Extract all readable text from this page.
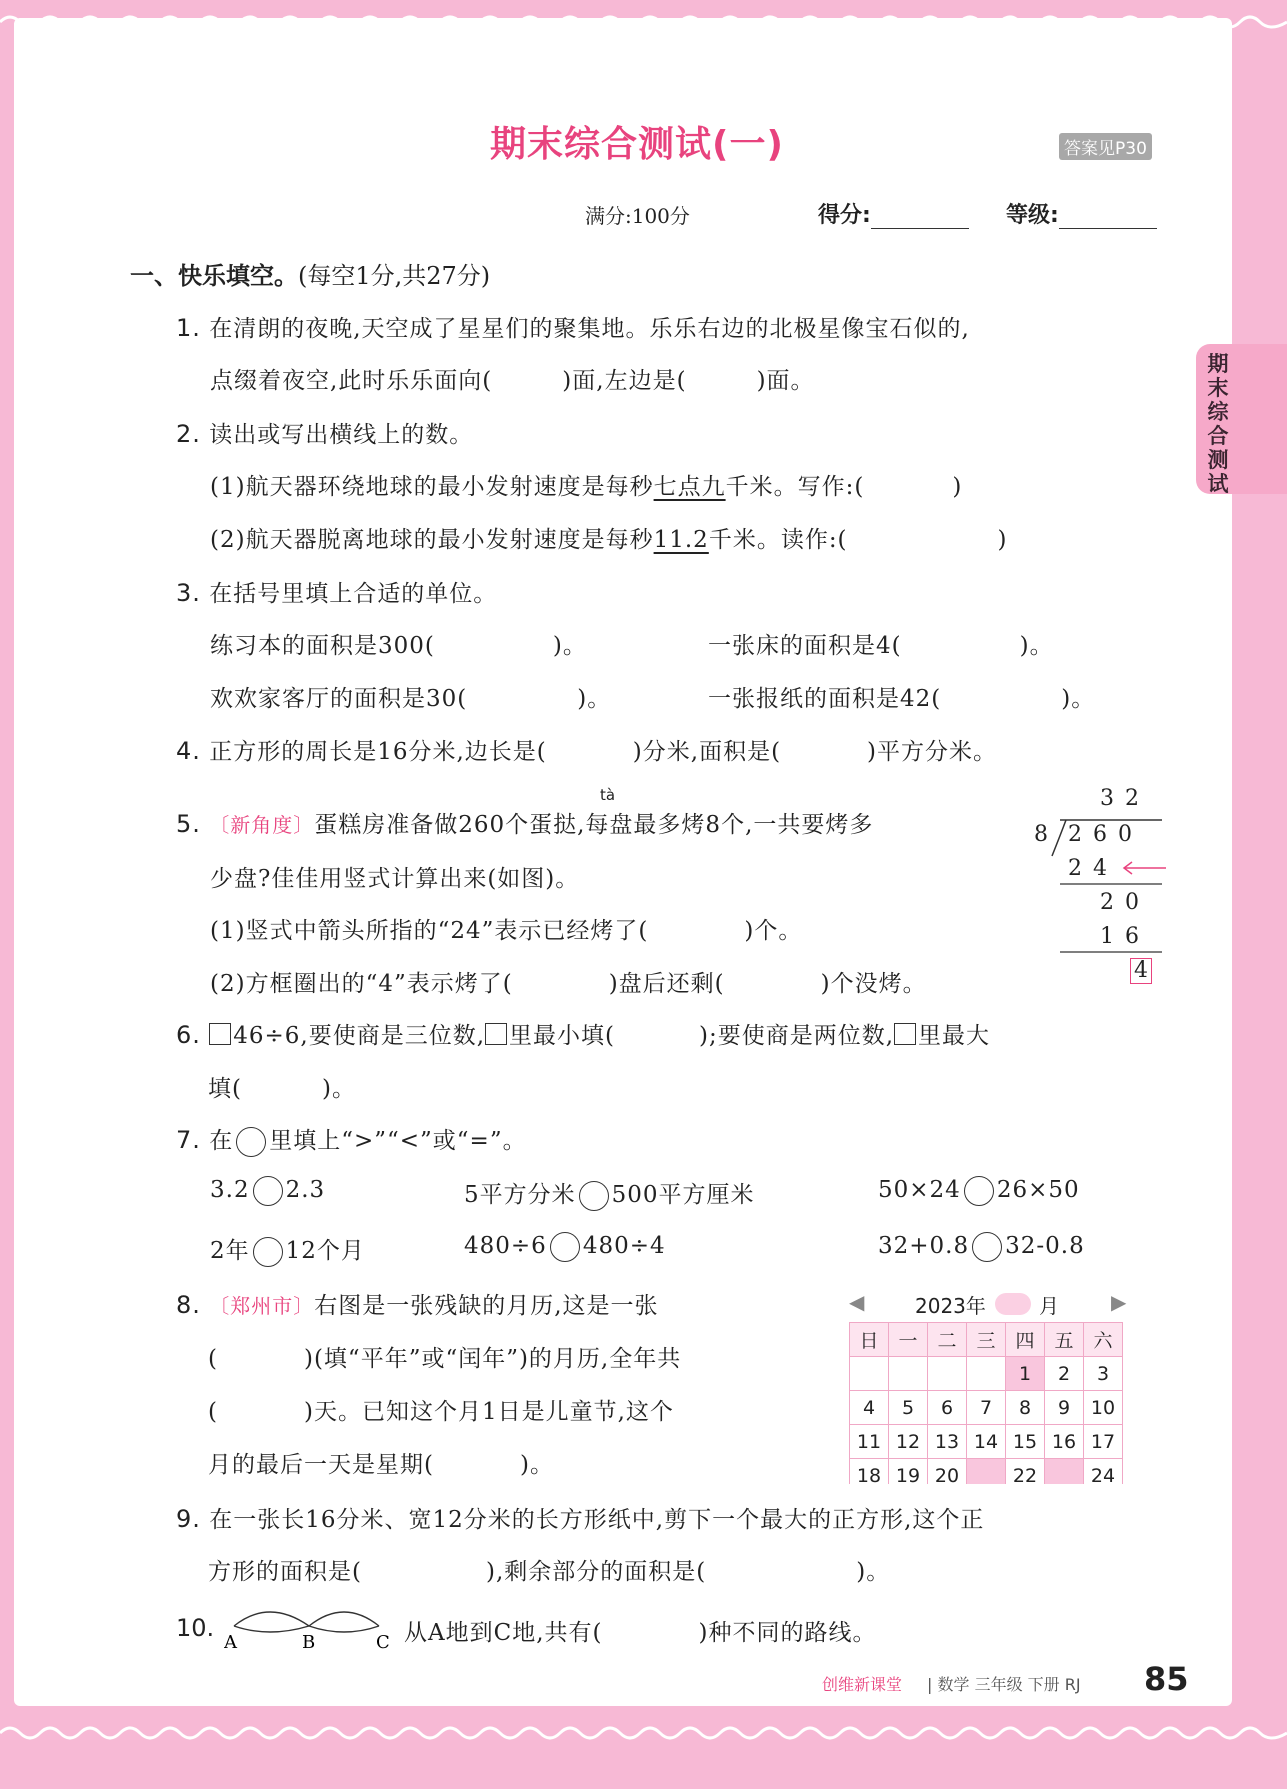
期
末
综
合
测
试
期末综合测试(一)	答案见P30
满分:100分	得分:	等级:
一、快乐填空。(每空1分,共27分)
1. 在清朗的夜晚,天空成了星星们的聚集地。乐乐右边的北极星像宝石似的,
点缀着夜空,此时乐乐面向(	)面,左边是(	)面。
2. 读出或写出横线上的数。
(1)航天器环绕地球的最小发射速度是每秒七点九千米。写作:(	)
(2)航天器脱离地球的最小发射速度是每秒11.2千米。读作:(	)
3. 在括号里填上合适的单位。
练习本的面积是300(	)。	一张床的面积是4(	)。
欢欢家客厅的面积是30(	)。	一张报纸的面积是42(	)。
4. 正方形的周长是16分米,边长是(	)分米,面积是(	)平方分米。
tà
5. 〔新角度〕蛋糕房准备做260个蛋挞,每盘最多烤8个,一共要烤多
少盘?佳佳用竖式计算出来(如图)。
(1)竖式中箭头所指的“24”表示已经烤了(	)个。
(2)方框圈出的“4”表示烤了(	)盘后还剩(	)个没烤。
3 2
8 2 6 0
2 4
2 0
1 6
4
6. 46÷6,要使商是三位数, 里最小填(	);要使商是两位数, 里最大
填(	)。
7. 在 里填上“>”“<”或“=”。
3.2 2.3	5平方分米 500平方厘米	50×24 26×50
2年 12个月	480÷6 480÷4	32+0.8 32-0.8
8. 〔郑州市〕右图是一张残缺的月历,这是一张
(	)(填“平年”或“闰年”)的月历,全年共
(	)天。已知这个月1日是儿童节,这个
月的最后一天是星期(	)。
◀	2023年	月	▶
日	一	二	三	四	五	六
				1	2	3
4	5	6	7	8	9	10
11	12	13	14	15	16	17
18	19	20		22		24
9. 在一张长16分米、宽12分米的长方形纸中,剪下一个最大的正方形,这个正
方形的面积是(	),剩余部分的面积是(	)。
10.
A	B	C 从A地到C地,共有(	)种不同的路线。
创维新课堂 | 数学 三年级 下册 RJ 85
